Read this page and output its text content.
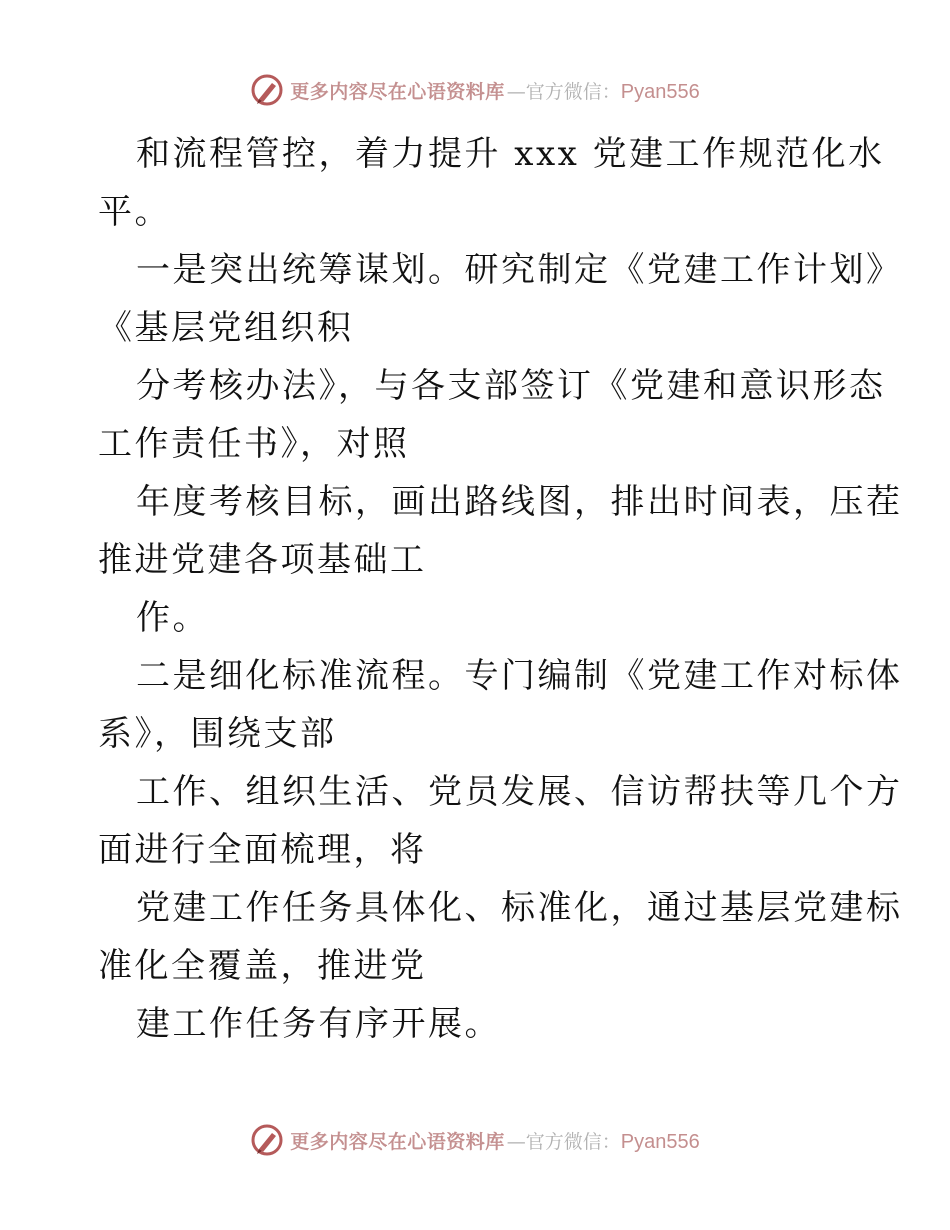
更多内容尽在心语资料库 —官方微信：Pyan556

和流程管控，着力提升 xxx 党建工作规范化水
平。

一是突出统筹谋划。研究制定《党建工作计划》
《基层党组织积

分考核办法》，与各支部签订《党建和意识形态
工作责任书》，对照

年度考核目标，画出路线图，排出时间表，压茬
推进党建各项基础工

作。

二是细化标准流程。专门编制《党建工作对标体
系》，围绕支部

工作、组织生活、党员发展、信访帮扶等几个方
面进行全面梳理，将

党建工作任务具体化、标准化，通过基层党建标
准化全覆盖，推进党

建工作任务有序开展。

更多内容尽在心语资料库 —官方微信：Pyan556
